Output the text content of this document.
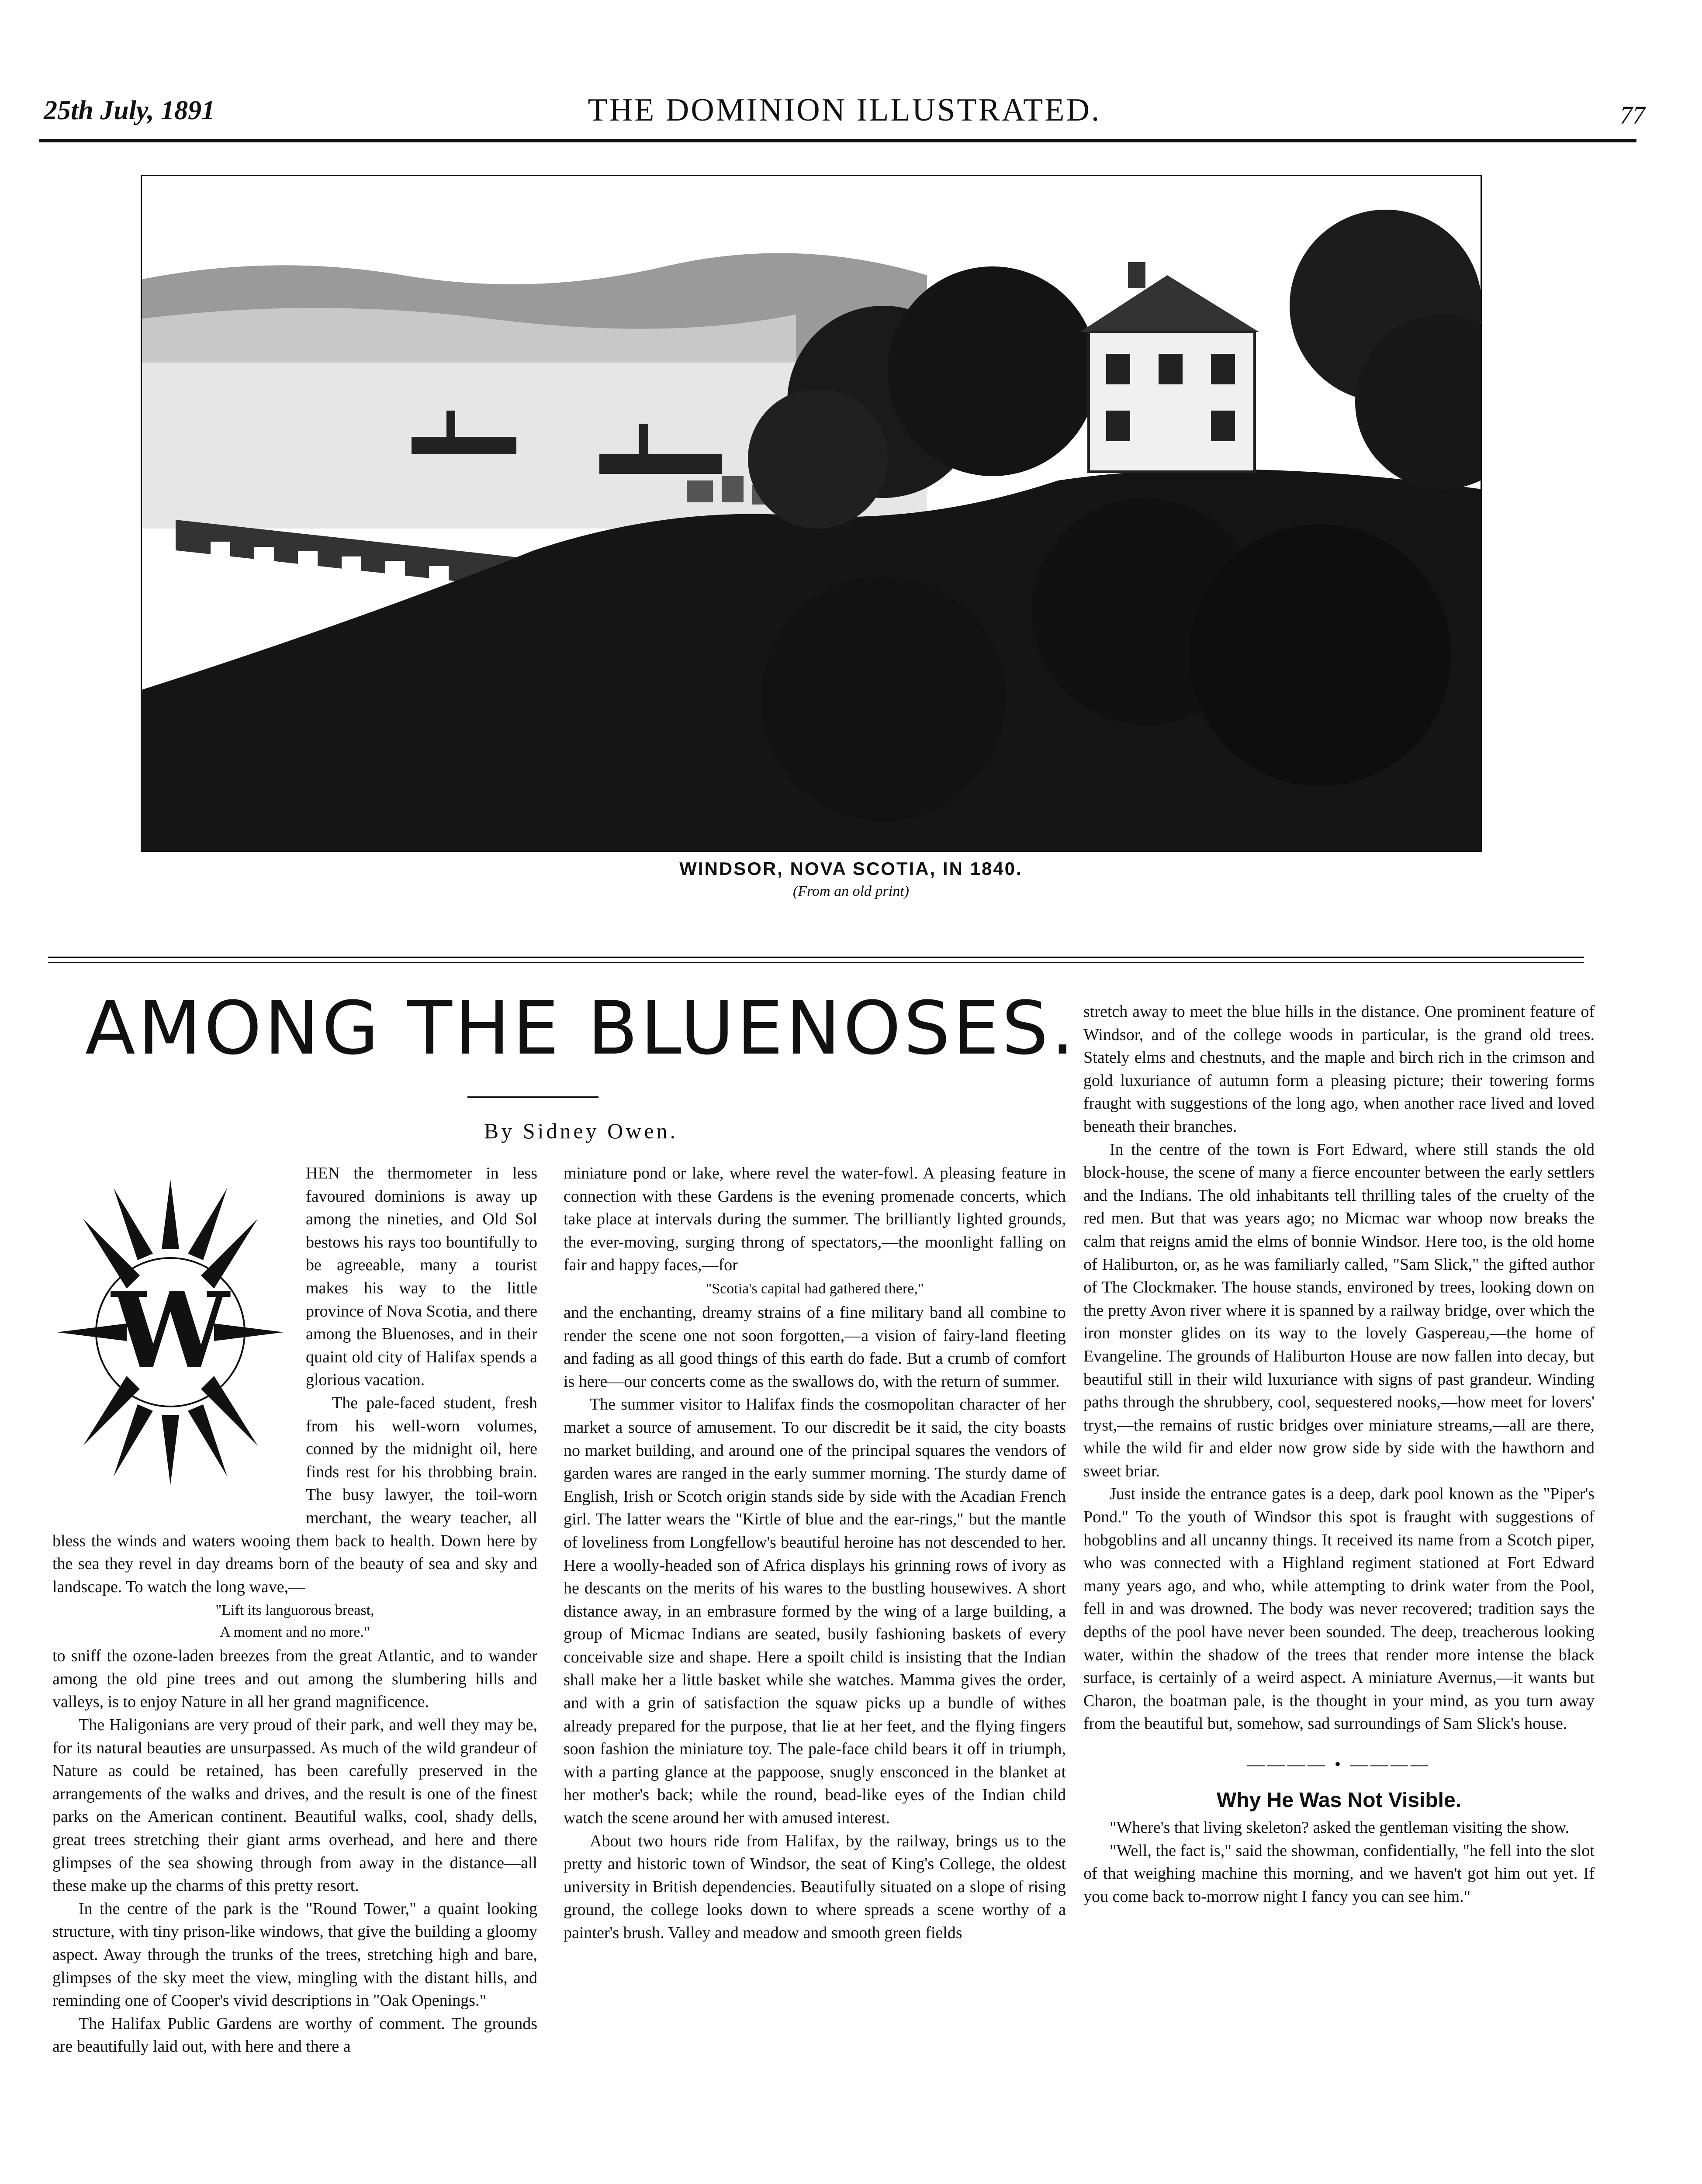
25th July, 1891	THE DOMINION ILLUSTRATED.	77
WINDSOR, NOVA SCOTIA, IN 1840.
(From an old print)
AMONG THE BLUENOSES.
By Sidney Owen.
W

HEN the thermometer in less favoured dominions is away up among the nineties, and Old Sol bestows his rays too bountifully to be agreeable, many a tourist makes his way to the little province of Nova Scotia, and there among the Bluenoses, and in their quaint old city of Halifax spends a glorious vacation.

The pale-faced student, fresh from his well-worn volumes, conned by the midnight oil, here finds rest for his throbbing brain. The busy lawyer, the toil-worn merchant, the weary teacher, all bless the winds and waters wooing them back to health. Down here by the sea they revel in day dreams born of the beauty of sea and sky and landscape. To watch the long wave,—

"Lift its languorous breast,

A moment and no more."

to sniff the ozone-laden breezes from the great Atlantic, and to wander among the old pine trees and out among the slumbering hills and valleys, is to enjoy Nature in all her grand magnificence.

The Haligonians are very proud of their park, and well they may be, for its natural beauties are unsurpassed. As much of the wild grandeur of Nature as could be retained, has been carefully preserved in the arrangements of the walks and drives, and the result is one of the finest parks on the American continent. Beautiful walks, cool, shady dells, great trees stretching their giant arms overhead, and here and there glimpses of the sea showing through from away in the distance—all these make up the charms of this pretty resort.

In the centre of the park is the "Round Tower," a quaint looking structure, with tiny prison-like windows, that give the building a gloomy aspect. Away through the trunks of the trees, stretching high and bare, glimpses of the sky meet the view, mingling with the distant hills, and reminding one of Cooper's vivid descriptions in "Oak Openings."

The Halifax Public Gardens are worthy of comment. The grounds are beautifully laid out, with here and there a

miniature pond or lake, where revel the water-fowl. A pleasing feature in connection with these Gardens is the evening promenade concerts, which take place at intervals during the summer. The brilliantly lighted grounds, the ever-moving, surging throng of spectators,—the moonlight falling on fair and happy faces,—for

"Scotia's capital had gathered there,"

and the enchanting, dreamy strains of a fine military band all combine to render the scene one not soon forgotten,—a vision of fairy-land fleeting and fading as all good things of this earth do fade. But a crumb of comfort is here—our concerts come as the swallows do, with the return of summer.

The summer visitor to Halifax finds the cosmopolitan character of her market a source of amusement. To our discredit be it said, the city boasts no market building, and around one of the principal squares the vendors of garden wares are ranged in the early summer morning. The sturdy dame of English, Irish or Scotch origin stands side by side with the Acadian French girl. The latter wears the "Kirtle of blue and the ear-rings," but the mantle of loveliness from Longfellow's beautiful heroine has not descended to her. Here a woolly-headed son of Africa displays his grinning rows of ivory as he descants on the merits of his wares to the bustling housewives. A short distance away, in an embrasure formed by the wing of a large building, a group of Micmac Indians are seated, busily fashioning baskets of every conceivable size and shape. Here a spoilt child is insisting that the Indian shall make her a little basket while she watches. Mamma gives the order, and with a grin of satisfaction the squaw picks up a bundle of withes already prepared for the purpose, that lie at her feet, and the flying fingers soon fashion the miniature toy. The pale-face child bears it off in triumph, with a parting glance at the pappoose, snugly ensconced in the blanket at her mother's back; while the round, bead-like eyes of the Indian child watch the scene around her with amused interest.

About two hours ride from Halifax, by the railway, brings us to the pretty and historic town of Windsor, the seat of King's College, the oldest university in British dependencies. Beautifully situated on a slope of rising ground, the college looks down to where spreads a scene worthy of a painter's brush. Valley and meadow and smooth green fields

stretch away to meet the blue hills in the distance. One prominent feature of Windsor, and of the college woods in particular, is the grand old trees. Stately elms and chestnuts, and the maple and birch rich in the crimson and gold luxuriance of autumn form a pleasing picture; their towering forms fraught with suggestions of the long ago, when another race lived and loved beneath their branches.

In the centre of the town is Fort Edward, where still stands the old block-house, the scene of many a fierce encounter between the early settlers and the Indians. The old inhabitants tell thrilling tales of the cruelty of the red men. But that was years ago; no Micmac war whoop now breaks the calm that reigns amid the elms of bonnie Windsor. Here too, is the old home of Haliburton, or, as he was familiarly called, "Sam Slick," the gifted author of The Clockmaker. The house stands, environed by trees, looking down on the pretty Avon river where it is spanned by a railway bridge, over which the iron monster glides on its way to the lovely Gaspereau,—the home of Evangeline. The grounds of Haliburton House are now fallen into decay, but beautiful still in their wild luxuriance with signs of past grandeur. Winding paths through the shrubbery, cool, sequestered nooks,—how meet for lovers' tryst,—the remains of rustic bridges over miniature streams,—all are there, while the wild fir and elder now grow side by side with the hawthorn and sweet briar.

Just inside the entrance gates is a deep, dark pool known as the "Piper's Pond." To the youth of Windsor this spot is fraught with suggestions of hobgoblins and all uncanny things. It received its name from a Scotch piper, who was connected with a Highland regiment stationed at Fort Edward many years ago, and who, while attempting to drink water from the Pool, fell in and was drowned. The body was never recovered; tradition says the depths of the pool have never been sounded. The deep, treacherous looking water, within the shadow of the trees that render more intense the black surface, is certainly of a weird aspect. A miniature Avernus,—it wants but Charon, the boatman pale, is the thought in your mind, as you turn away from the beautiful but, somehow, sad surroundings of Sam Slick's house.

———— • ————
Why He Was Not Visible.

"Where's that living skeleton? asked the gentleman visiting the show.

"Well, the fact is," said the showman, confidentially, "he fell into the slot of that weighing machine this morning, and we haven't got him out yet. If you come back to-morrow night I fancy you can see him."
